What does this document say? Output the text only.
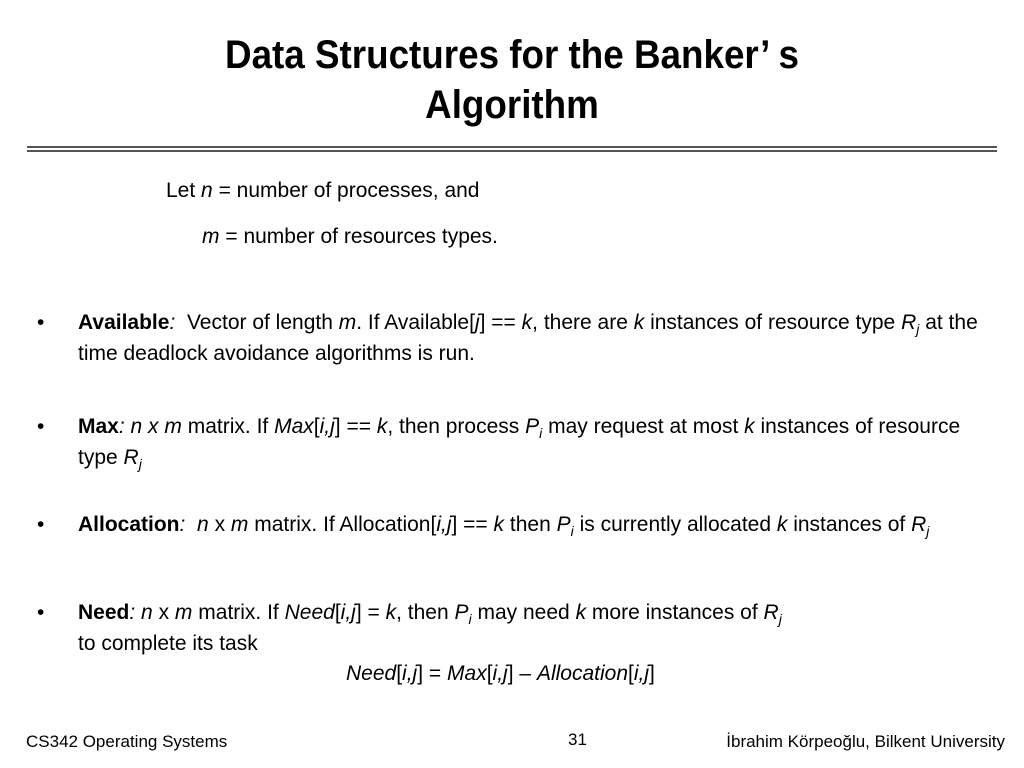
Data Structures for the Banker’ s
Algorithm
Let n = number of processes, and
m = number of resources types.
• Available: Vector of length m. If Available[j] == k, there are k instances of resource type $R_j$ at the time deadlock avoidance algorithms is run.
• Max: n x m matrix. If Max[i,j] == k, then process $P_i$ may request at most k instances of resource type $R_j$
• Allocation: n x m matrix. If Allocation[i,j] == k then $P_i$ is currently allocated k instances of $R_j$
• Need: n x m matrix. If Need[i,j] = k, then $P_i$ may need k more instances of $R_j$
to complete its task
Need[i,j] = Max[i,j] – Allocation[i,j]
CS342 Operating Systems	31	İbrahim Körpeoğlu, Bilkent University
